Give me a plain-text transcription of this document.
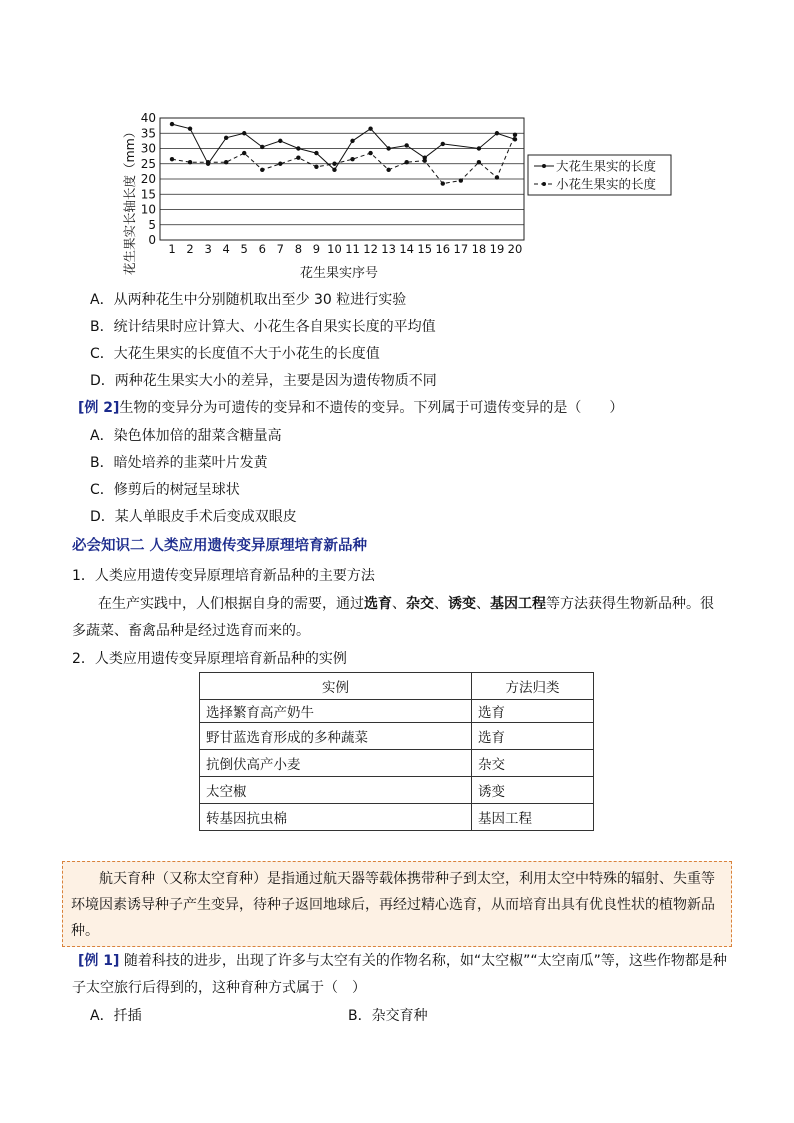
0
5
10
15
20
25
30
35
40
1 2 3 4 5 6 7 8 9 10 11 12 13 14 15 16 17 18 19 20
大花生果实的长度
小花生果实的长度
花生果实长轴长度（mm）	花生果实序号
A．从两种花生中分别随机取出至少 30 粒进行实验
B．统计结果时应计算大、小花生各自果实长度的平均值
C．大花生果实的长度值不大于小花生的长度值
D．两种花生果实大小的差异，主要是因为遗传物质不同
[例 2]生物的变异分为可遗传的变异和不遗传的变异。下列属于可遗传变异的是（　　）
A．染色体加倍的甜菜含糖量高
B．暗处培养的韭菜叶片发黄
C．修剪后的树冠呈球状
D．某人单眼皮手术后变成双眼皮
必会知识二 人类应用遗传变异原理培育新品种
1．人类应用遗传变异原理培育新品种的主要方法
在生产实践中，人们根据自身的需要，通过选育、杂交、诱变、基因工程等方法获得生物新品种。很
多蔬菜、畜禽品种是经过选育而来的。
2．人类应用遗传变异原理培育新品种的实例
实例	方法归类
选择繁育高产奶牛	选育
野甘蓝选育形成的多种蔬菜	选育
抗倒伏高产小麦	杂交
太空椒	诱变
转基因抗虫棉	基因工程
航天育种（又称太空育种）是指通过航天器等载体携带种子到太空，利用太空中特殊的辐射、失重等环境因素诱导种子产生变异，待种子返回地球后，再经过精心选育，从而培育出具有优良性状的植物新品种。
[例 1] 随着科技的进步，出现了许多与太空有关的作物名称，如“太空椒”“太空南瓜”等，这些作物都是种
子太空旅行后得到的，这种育种方式属于（　）
A．扦插	B．杂交育种
